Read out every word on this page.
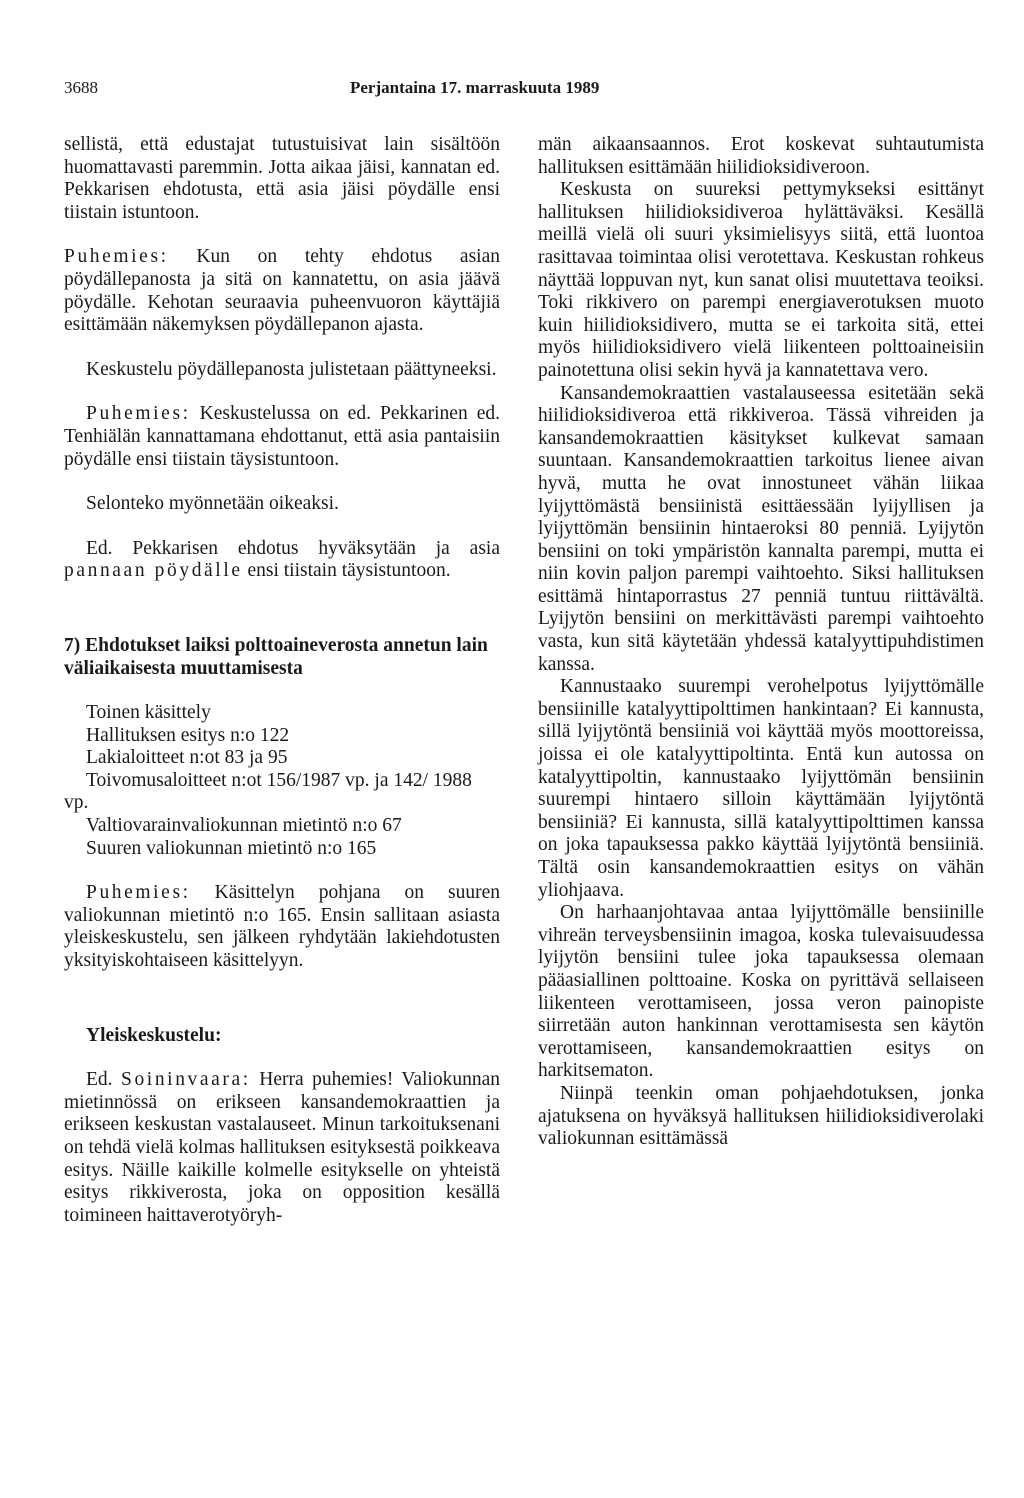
3688	Perjantaina 17. marraskuuta 1989

sellistä, että edustajat tutustuisivat lain sisältöön huomattavasti paremmin. Jotta aikaa jäisi, kannatan ed. Pekkarisen ehdotusta, että asia jäisi pöydälle ensi tiistain istuntoon.

Puhemies: Kun on tehty ehdotus asian pöydällepanosta ja sitä on kannatettu, on asia jäävä pöydälle. Kehotan seuraavia puheenvuoron käyttäjiä esittämään näkemyksen pöydällepanon ajasta.

Keskustelu pöydällepanosta julistetaan päättyneeksi.

Puhemies: Keskustelussa on ed. Pekkarinen ed. Tenhiälän kannattamana ehdottanut, että asia pantaisiin pöydälle ensi tiistain täysistuntoon.

Selonteko myönnetään oikeaksi.

Ed. Pekkarisen ehdotus hyväksytään ja asia pannaan pöydälle ensi tiistain täysistuntoon.

7) Ehdotukset laiksi polttoaineverosta annetun lain väliaikaisesta muuttamisesta

Toinen käsittely

Hallituksen esitys n:o 122

Lakialoitteet n:ot 83 ja 95

Toivomusaloitteet n:ot 156/1987 vp. ja 142/ 1988 vp.

Valtiovarainvaliokunnan mietintö n:o 67

Suuren valiokunnan mietintö n:o 165

Puhemies: Käsittelyn pohjana on suuren valiokunnan mietintö n:o 165. Ensin sallitaan asiasta yleiskeskustelu, sen jälkeen ryhdytään lakiehdotusten yksityiskohtaiseen käsittelyyn.

Yleiskeskustelu:

Ed. Soininvaara: Herra puhemies! Valiokunnan mietinnössä on erikseen kansandemokraattien ja erikseen keskustan vastalauseet. Minun tarkoituksenani on tehdä vielä kolmas hallituksen esityksestä poikkeava esitys. Näille kaikille kolmelle esitykselle on yhteistä esitys rikkiverosta, joka on opposition kesällä toimineen haittaverotyöryh-

män aikaansaannos. Erot koskevat suhtautumista hallituksen esittämään hiilidioksidiveroon.

Keskusta on suureksi pettymykseksi esittänyt hallituksen hiilidioksidiveroa hylättäväksi. Kesällä meillä vielä oli suuri yksimielisyys siitä, että luontoa rasittavaa toimintaa olisi verotettava. Keskustan rohkeus näyttää loppuvan nyt, kun sanat olisi muutettava teoiksi. Toki rikkivero on parempi energiaverotuksen muoto kuin hiilidioksidivero, mutta se ei tarkoita sitä, ettei myös hiilidioksidivero vielä liikenteen polttoaineisiin painotettuna olisi sekin hyvä ja kannatettava vero.

Kansandemokraattien vastalauseessa esitetään sekä hiilidioksidiveroa että rikkiveroa. Tässä vihreiden ja kansandemokraattien käsitykset kulkevat samaan suuntaan. Kansandemokraattien tarkoitus lienee aivan hyvä, mutta he ovat innostuneet vähän liikaa lyijyttömästä bensiinistä esittäessään lyijyllisen ja lyijyttömän bensiinin hintaeroksi 80 penniä. Lyijytön bensiini on toki ympäristön kannalta parempi, mutta ei niin kovin paljon parempi vaihtoehto. Siksi hallituksen esittämä hintaporrastus 27 penniä tuntuu riittävältä. Lyijytön bensiini on merkittävästi parempi vaihtoehto vasta, kun sitä käytetään yhdessä katalyyttipuhdistimen kanssa.

Kannustaako suurempi verohelpotus lyijyttömälle bensiinille katalyyttipolttimen hankintaan? Ei kannusta, sillä lyijytöntä bensiiniä voi käyttää myös moottoreissa, joissa ei ole katalyyttipoltinta. Entä kun autossa on katalyyttipoltin, kannustaako lyijyttömän bensiinin suurempi hintaero silloin käyttämään lyijytöntä bensiiniä? Ei kannusta, sillä katalyyttipolttimen kanssa on joka tapauksessa pakko käyttää lyijytöntä bensiiniä. Tältä osin kansandemokraattien esitys on vähän yliohjaava.

On harhaanjohtavaa antaa lyijyttömälle bensiinille vihreän terveysbensiinin imagoa, koska tulevaisuudessa lyijytön bensiini tulee joka tapauksessa olemaan pääasiallinen polttoaine. Koska on pyrittävä sellaiseen liikenteen verottamiseen, jossa veron painopiste siirretään auton hankinnan verottamisesta sen käytön verottamiseen, kansandemokraattien esitys on harkitsematon.

Niinpä teenkin oman pohjaehdotuksen, jonka ajatuksena on hyväksyä hallituksen hiilidioksidiverolaki valiokunnan esittämässä
